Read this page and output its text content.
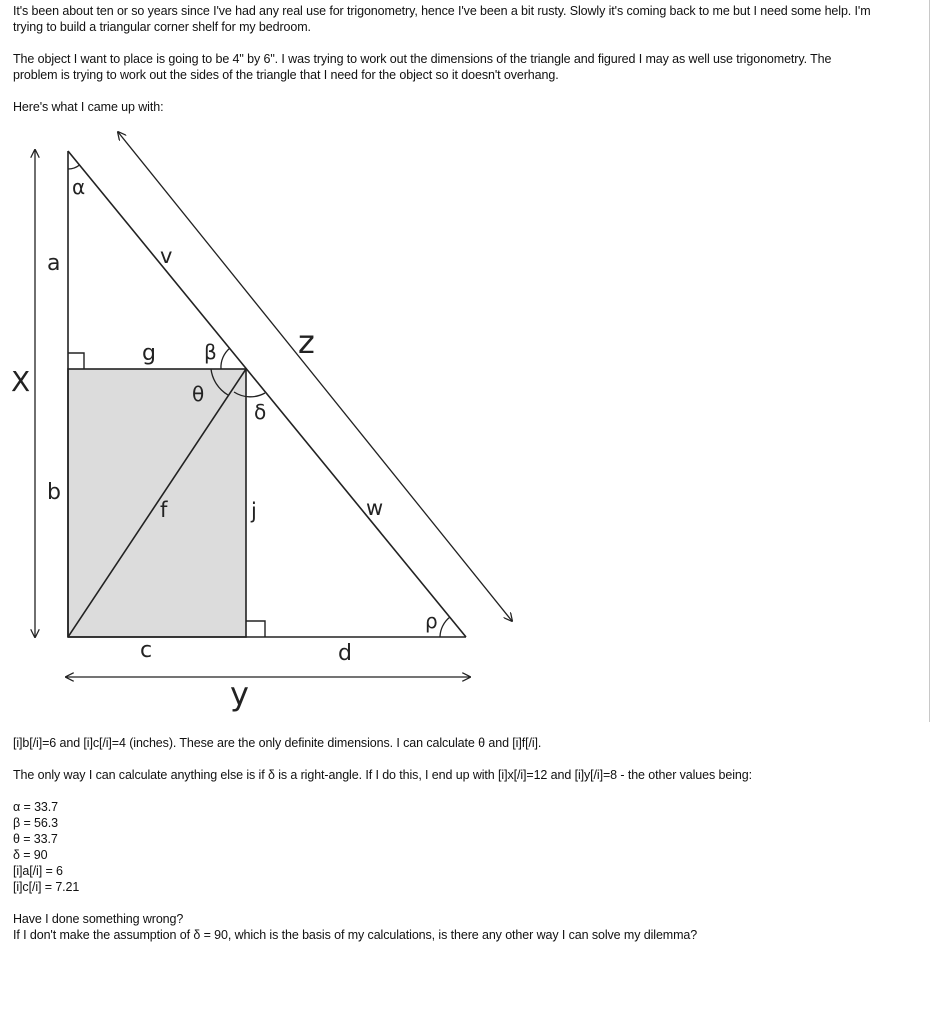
It's been about ten or so years since I've had any real use for trigonometry, hence I've been a bit rusty. Slowly it's coming back to me but I need some help. I'm
trying to build a triangular corner shelf for my bedroom.
The object I want to place is going to be 4" by 6". I was trying to work out the dimensions of the triangle and figured I may as well use trigonometry. The
problem is trying to work out the sides of the triangle that I need for the object so it doesn't overhang.
Here's what I came up with:
α
a	v
z
X
g β
θ
δ
b
f	j	w
ρ
c	d
y
[i]b[/i]=6 and [i]c[/i]=4 (inches). These are the only definite dimensions. I can calculate θ and [i]f[/i].
The only way I can calculate anything else is if δ is a right-angle. If I do this, I end up with [i]x[/i]=12 and [i]y[/i]=8 - the other values being:
α = 33.7
β = 56.3
θ = 33.7
δ = 90
[i]a[/i] = 6
[i]c[/i] = 7.21
Have I done something wrong?
If I don't make the assumption of δ = 90, which is the basis of my calculations, is there any other way I can solve my dilemma?
